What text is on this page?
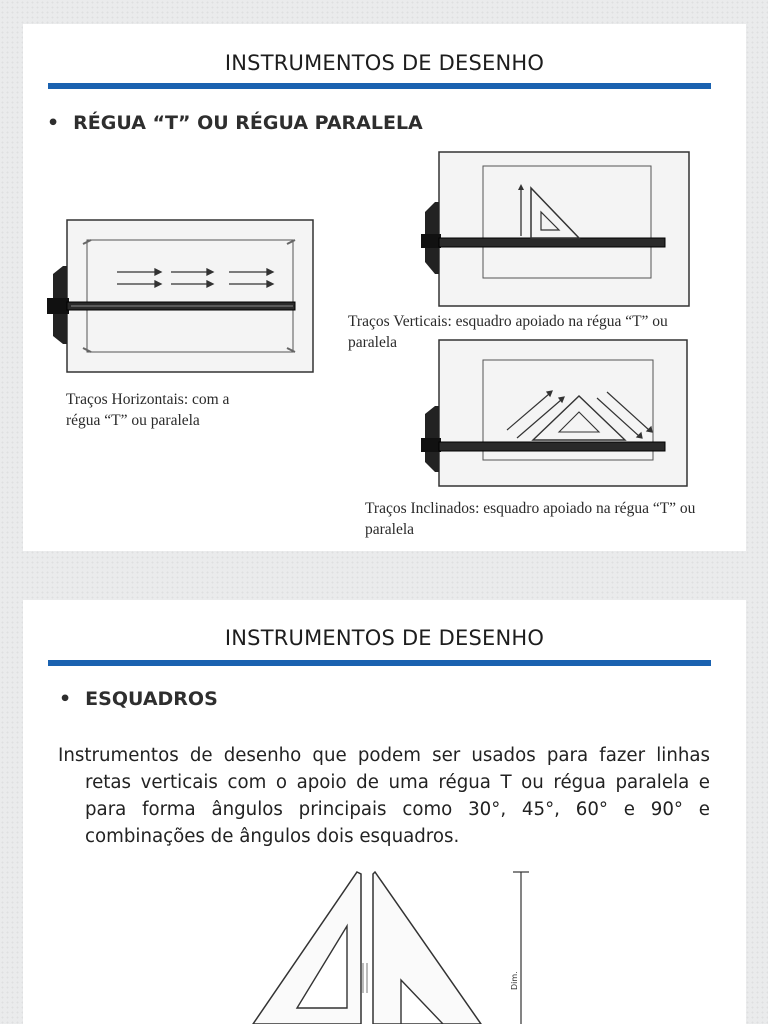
INSTRUMENTOS DE DESENHO
• RÉGUA “T” OU RÉGUA PARALELA
Traços Horizontais: com a régua “T” ou paralela
Traços Verticais: esquadro apoiado na régua “T” ou paralela
Traços Inclinados: esquadro apoiado na régua “T” ou paralela
INSTRUMENTOS DE DESENHO
• ESQUADROS

Instrumentos de desenho que podem ser usados para fazer linhas retas verticais com o apoio de uma régua T ou régua paralela e para forma ângulos principais como 30°, 45°, 60° e 90° e combinações de ângulos dois esquadros.

Dim.
